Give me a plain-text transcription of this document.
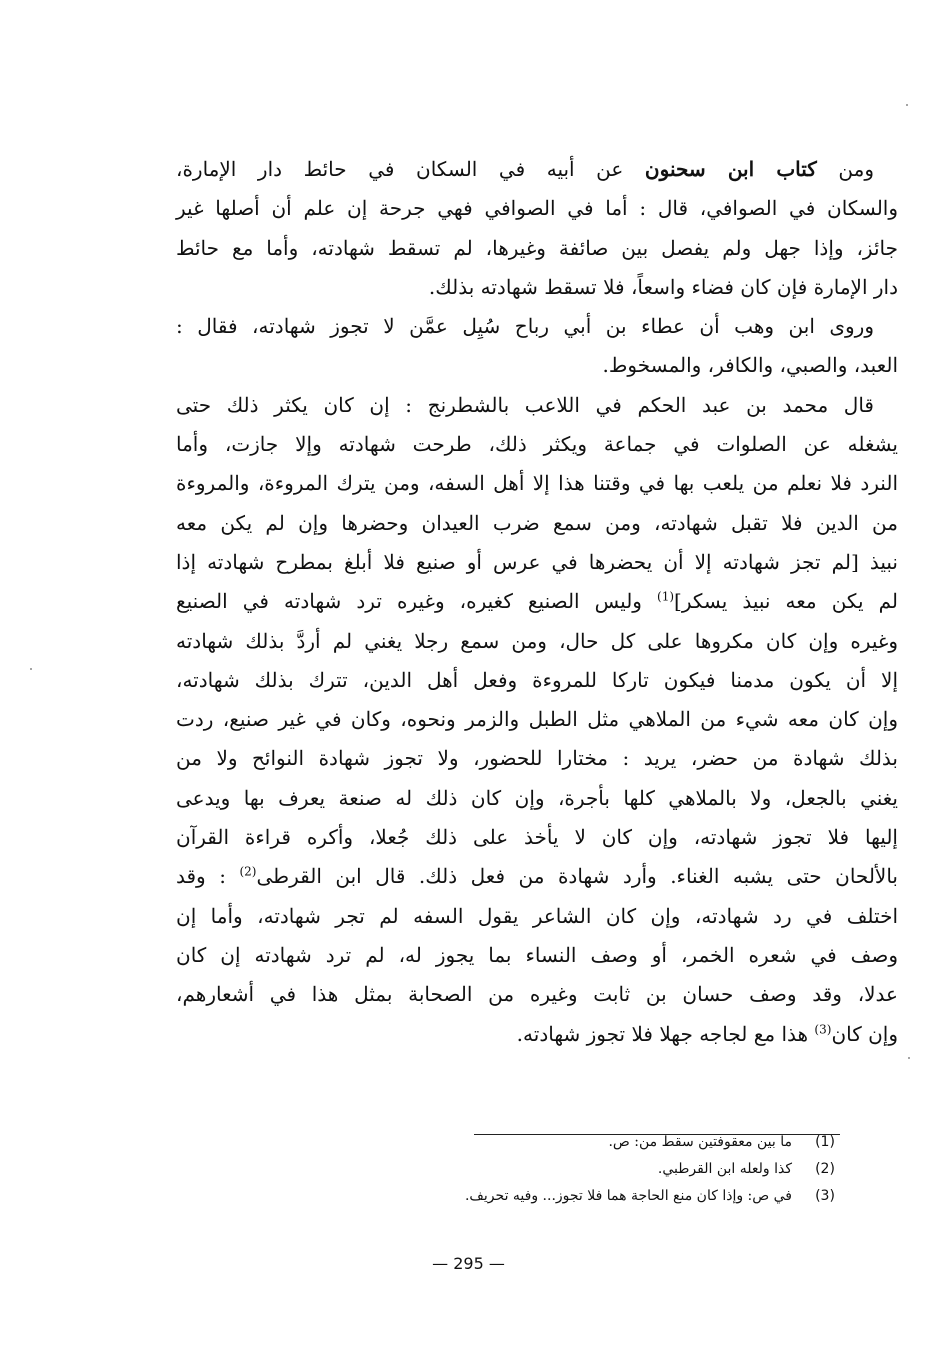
ومن كتاب ابن سحنون عن أبيه في السكان في حائط دار الإمارة،
والسكان في الصوافي، قال : أما في الصوافي فهي جرحة إن علم أن أصلها غير
جائز، وإذا جهل ولم يفصل بين صائفة وغيرها، لم تسقط شهادته، وأما مع حائط
دار الإمارة فإن كان فضاء واسعاً، فلا تسقط شهادته بذلك.
وروى ابن وهب أن عطاء بن أبي رباح سُيِل عمَّن لا تجوز شهادته، فقال :
العبد، والصبي، والكافر، والمسخوط.
قال محمد بن عبد الحكم في اللاعب بالشطرنج : إن كان يكثر ذلك حتى
يشغله عن الصلوات في جماعة ويكثر ذلك، طرحت شهادته وإلا جازت، وأما
النرد فلا نعلم من يلعب بها في وقتنا هذا إلا أهل السفه، ومن يترك المروءة، والمروءة
من الدين فلا تقبل شهادته، ومن سمع ضرب العيدان وحضرها وإن لم يكن معه
نبيذ [لم تجز شهادته إلا أن يحضرها في عرس أو صنيع فلا أبلغ بمطرح شهادته إذا
لم يكن معه نبيذ يسكر]$^{(1)}$ وليس الصنيع كغيره، وغيره ترد شهادته في الصنيع
وغيره وإن كان مكروها على كل حال، ومن سمع رجلا يغني لم أردَّ بذلك شهادته
إلا أن يكون مدمنا فيكون تاركا للمروءة وفعل أهل الدين، تترك بذلك شهادته،
وإن كان معه شيء من الملاهي مثل الطبل والزمر ونحوه، وكان في غير صنيع، ردت
بذلك شهادة من حضر، يريد : مختارا للحضور، ولا تجوز شهادة النوائح ولا من
يغني بالجعل، ولا بالملاهي كلها بأجرة، وإن كان ذلك له صنعة يعرف بها ويدعى
إليها فلا تجوز شهادته، وإن كان لا يأخذ على ذلك جُعلا، وأكره قراءة القرآن
بالألحان حتى يشبه الغناء. وأرد شهادة من فعل ذلك. قال ابن القرطى$^{(2)}$ : وقد
اختلف في رد شهادته، وإن كان الشاعر يقول السفه لم تجر شهادته، وأما إن
وصف في شعره الخمر، أو وصف النساء بما يجوز له، لم ترد شهادته إن كان
عدلا، وقد وصف حسان بن ثابت وغيره من الصحابة بمثل هذا في أشعارهم،
وإن كان$^{(3)}$ هذا مع لجاجه جهلا فلا تجوز شهادته.
(1)
ما بين معقوفتين سقط من: ص.
(2)
كذا ولعله ابن القرطبي.
(3)
في ص: وإذا كان منع الحاجة هما فلا تجوز... وفيه تحريف.
— 295 —
